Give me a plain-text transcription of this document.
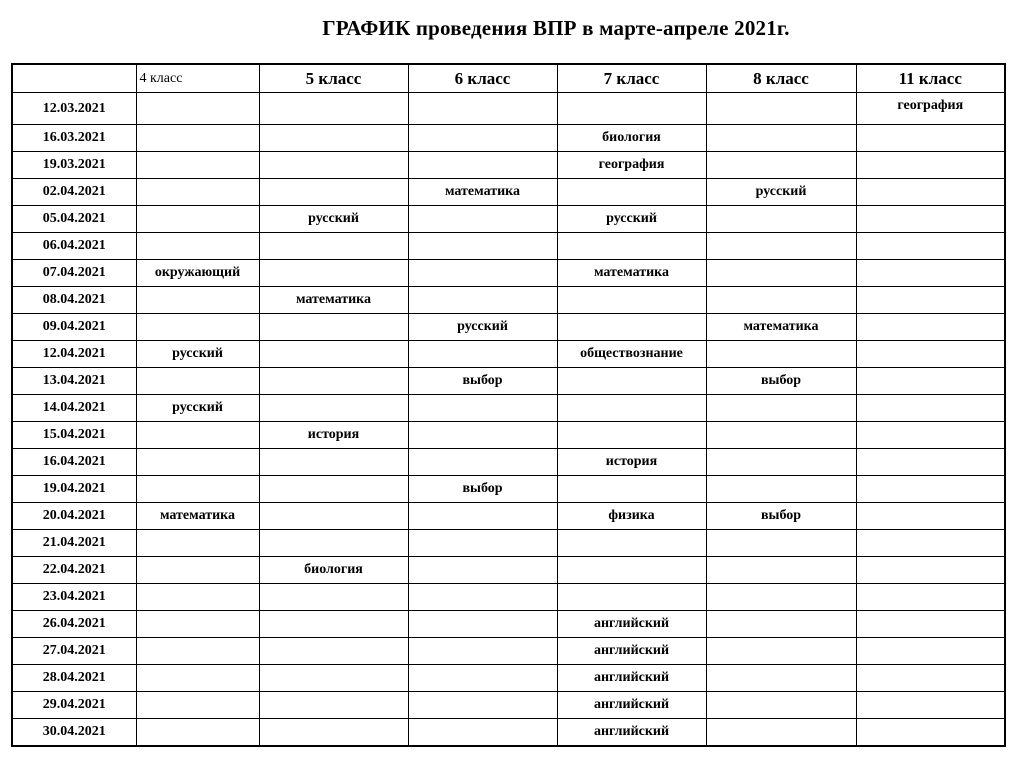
ГРАФИК проведения ВПР в марте-апреле 2021г.
	4 класс	5 класс	6 класс	7 класс	8 класс	11 класс
12.03.2021						география
16.03.2021				биология		
19.03.2021				география		
02.04.2021			математика		русский	
05.04.2021		русский		русский		
06.04.2021						
07.04.2021	окружающий			математика		
08.04.2021		математика				
09.04.2021			русский		математика	
12.04.2021	русский			обществознание		
13.04.2021			выбор		выбор	
14.04.2021	русский					
15.04.2021		история				
16.04.2021				история		
19.04.2021			выбор			
20.04.2021	математика			физика	выбор	
21.04.2021						
22.04.2021		биология				
23.04.2021						
26.04.2021				английский		
27.04.2021				английский		
28.04.2021				английский		
29.04.2021				английский		
30.04.2021				английский		
